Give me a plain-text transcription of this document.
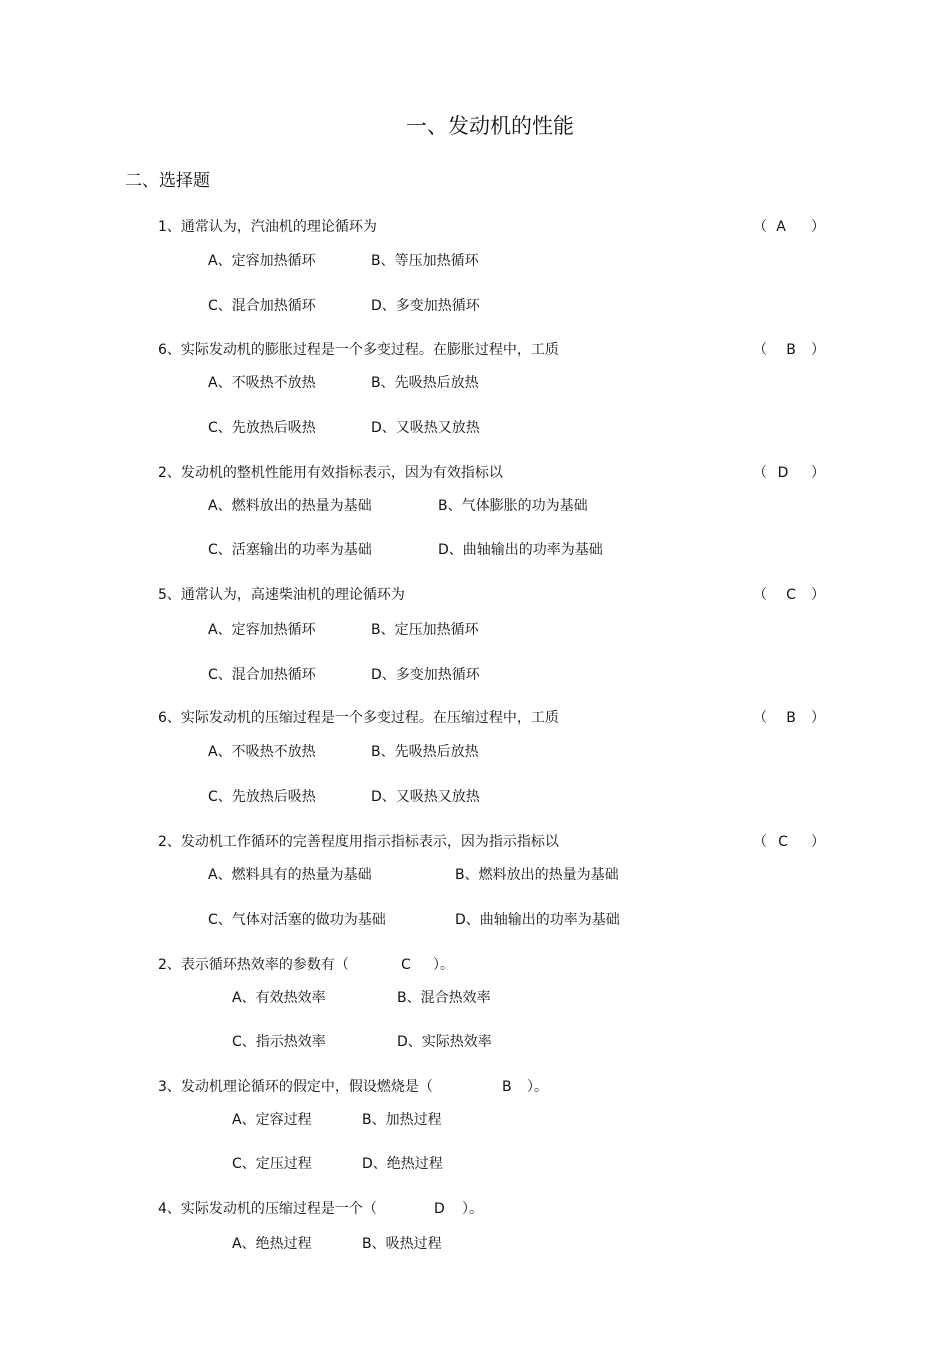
一、发动机的性能
二、选择题
1、通常认为，汽油机的理论循环为	（ A	）
A、定容加热循环	B、等压加热循环
C、混合加热循环	D、多变加热循环
6、实际发动机的膨胀过程是一个多变过程。在膨胀过程中，工质	（	B	）
A、不吸热不放热	B、先吸热后放热
C、先放热后吸热	D、又吸热又放热
2、发动机的整机性能用有效指标表示，因为有效指标以	（ D	）
A、燃料放出的热量为基础	B、气体膨胀的功为基础
C、活塞输出的功率为基础	D、曲轴输出的功率为基础
5、通常认为，高速柴油机的理论循环为	（	C	）
A、定容加热循环	B、定压加热循环
C、混合加热循环	D、多变加热循环
6、实际发动机的压缩过程是一个多变过程。在压缩过程中，工质	（	B	）
A、不吸热不放热	B、先吸热后放热
C、先放热后吸热	D、又吸热又放热
2、发动机工作循环的完善程度用指示指标表示，因为指示指标以	（ C	）
A、燃料具有的热量为基础	B、燃料放出的热量为基础
C、气体对活塞的做功为基础	D、曲轴输出的功率为基础
2、表示循环热效率的参数有（	C ）。
A、有效热效率	B、混合热效率
C、指示热效率	D、实际热效率
3、发动机理论循环的假定中，假设燃烧是（	B ）。
A、定容过程	B、加热过程
C、定压过程	D、绝热过程
4、实际发动机的压缩过程是一个（	D ）。
A、绝热过程	B、吸热过程
